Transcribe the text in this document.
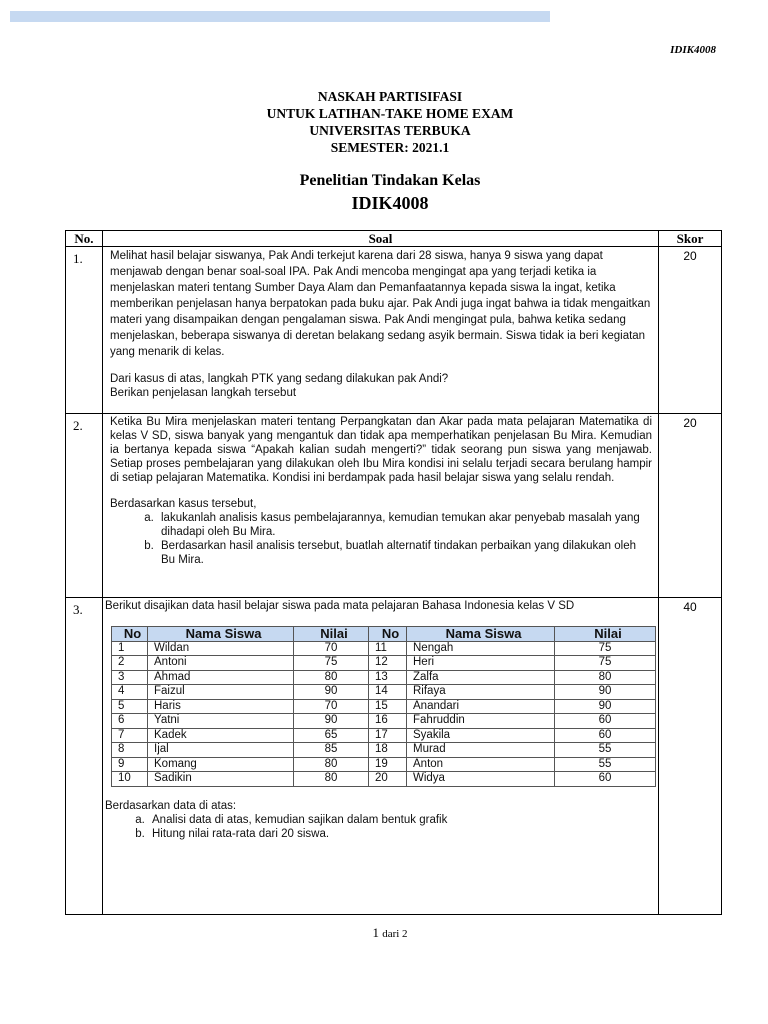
IDIK4008
NASKAH PARTISIFASI
UNTUK LATIHAN-TAKE HOME EXAM
UNIVERSITAS TERBUKA
SEMESTER: 2021.1
Penelitian Tindakan Kelas
IDIK4008
No.	Soal	Skor
1.	Melihat hasil belajar siswanya, Pak Andi terkejut karena dari 28 siswa, hanya 9 siswa yang dapat menjawab dengan benar soal-soal IPA. Pak Andi mencoba mengingat apa yang terjadi ketika ia menjelaskan materi tentang Sumber Daya Alam dan Pemanfaatannya kepada siswa la ingat, ketika memberikan penjelasan hanya berpatokan pada buku ajar. Pak Andi juga ingat bahwa ia tidak mengaitkan materi yang disampaikan dengan pengalaman siswa. Pak Andi mengingat pula, bahwa ketika sedang menjelaskan, beberapa siswanya di deretan belakang sedang asyik bermain. Siswa tidak ia beri kegiatan yang menarik di kelas.

Dari kasus di atas, langkah PTK yang sedang dilakukan pak Andi?

Berikan penjelasan langkah tersebut

	20
2.	Ketika Bu Mira menjelaskan materi tentang Perpangkatan dan Akar pada mata pelajaran Matematika di kelas V SD, siswa banyak yang mengantuk dan tidak apa memperhatikan penjelasan Bu Mira. Kemudian ia bertanya kepada siswa “Apakah kalian sudah mengerti?” tidak seorang pun siswa yang menjawab. Setiap proses pembelajaran yang dilakukan oleh Ibu Mira kondisi ini selalu terjadi secara berulang hampir di setiap pelajaran Matematika. Kondisi ini berdampak pada hasil belajar siswa yang selalu rendah.

Berdasarkan kasus tersebut,

a. lakukanlah analisis kasus pembelajarannya, kemudian temukan akar penyebab masalah yang dihadapi oleh Bu Mira.
b. Berdasarkan hasil analisis tersebut, buatlah alternatif tindakan perbaikan yang dilakukan oleh Bu Mira.
	20
3.	Berikut disajikan data hasil belajar siswa pada mata pelajaran Bahasa Indonesia kelas V SD

No	Nama Siswa	Nilai	No	Nama Siswa	Nilai
1	Wildan	70	11	Nengah	75
2	Antoni	75	12	Heri	75
3	Ahmad	80	13	Zalfa	80
4	Faizul	90	14	Rifaya	90
5	Haris	70	15	Anandari	90
6	Yatni	90	16	Fahruddin	60
7	Kadek	65	17	Syakila	60
8	Ijal	85	18	Murad	55
9	Komang	80	19	Anton	55
10	Sadikin	80	20	Widya	60

Berdasarkan data di atas:

a. Analisi data di atas, kemudian sajikan dalam bentuk grafik
b. Hitung nilai rata-rata dari 20 siswa.
	40
1 dari 2
